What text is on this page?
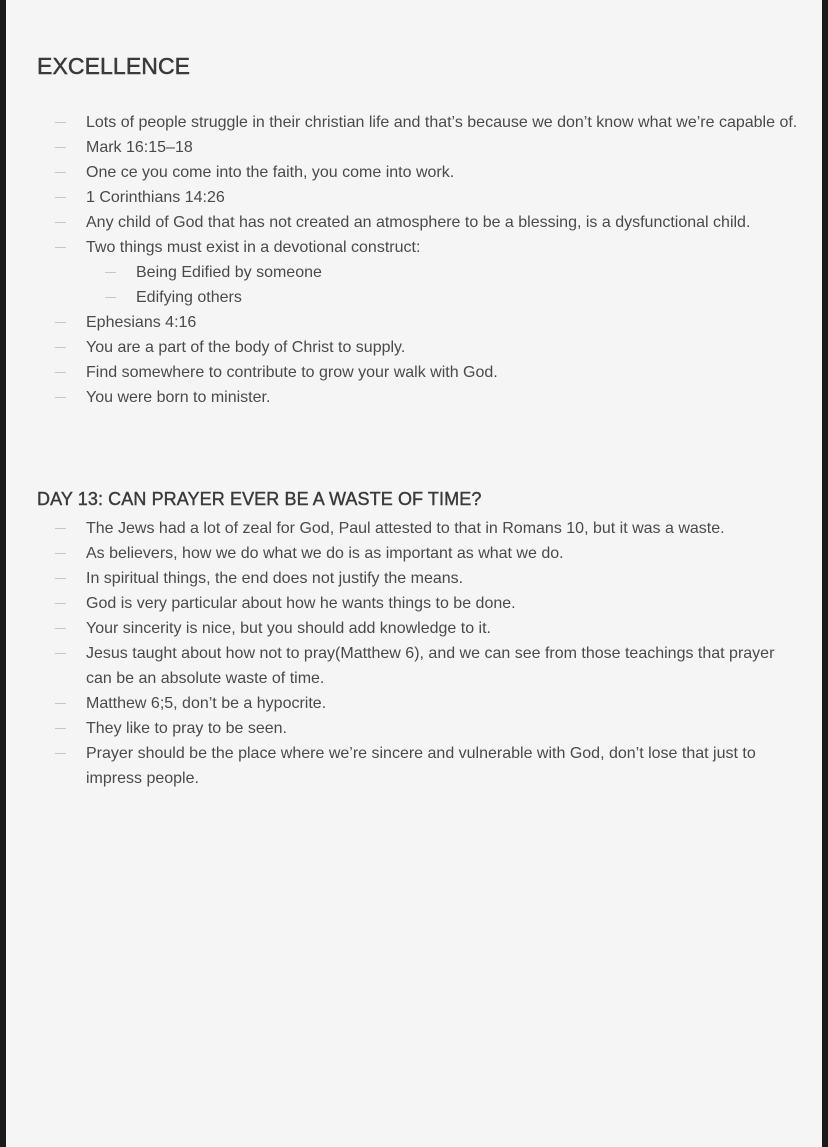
EXCELLENCE
Lots of people struggle in their christian life and that’s because we don’t know what we’re capable of.
Mark 16:15–18
One ce you come into the faith, you come into work.
1 Corinthians 14:26
Any child of God that has not created an atmosphere to be a blessing, is a dysfunctional child.
Two things must exist in a devotional construct:
Being Edified by someone
Edifying others
Ephesians 4:16
You are a part of the body of Christ to supply.
Find somewhere to contribute to grow your walk with God.
You were born to minister.
DAY 13: CAN PRAYER EVER BE A WASTE OF TIME?
The Jews had a lot of zeal for God, Paul attested to that in Romans 10, but it was a waste.
As believers, how we do what we do is as important as what we do.
In spiritual things, the end does not justify the means.
God is very particular about how he wants things to be done.
Your sincerity is nice, but you should add knowledge to it.
Jesus taught about how not to pray(Matthew 6), and we can see from those teachings that prayer can be an absolute waste of time.
Matthew 6;5, don’t be a hypocrite.
They like to pray to be seen.
Prayer should be the place where we’re sincere and vulnerable with God, don’t lose that just to impress people.
